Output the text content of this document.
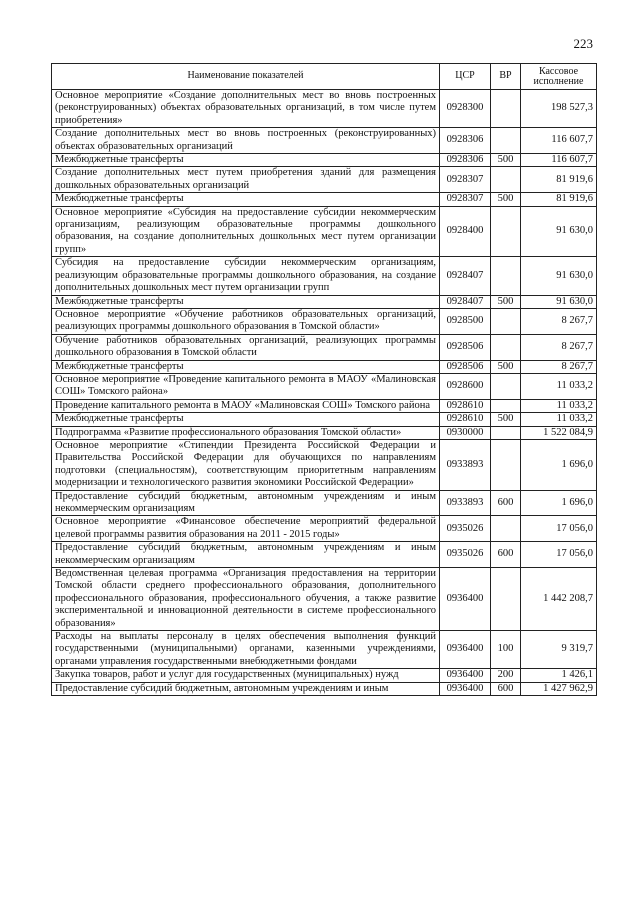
223
Наименование показателей	ЦСР	ВР	Кассовое исполнение
Основное мероприятие «Создание дополнительных мест во вновь построенных (реконструированных) объектах образовательных организаций, в том числе путем приобретения»	0928300		198 527,3
Создание дополнительных мест во вновь построенных (реконструированных) объектах образовательных организаций	0928306		116 607,7
Межбюджетные трансферты	0928306	500	116 607,7
Создание дополнительных мест путем приобретения зданий для размещения дошкольных образовательных организаций	0928307		81 919,6
Межбюджетные трансферты	0928307	500	81 919,6
Основное мероприятие «Субсидия на предоставление субсидии некоммерческим организациям, реализующим образовательные программы дошкольного образования, на создание дополнительных дошкольных мест путем организации групп»	0928400		91 630,0
Субсидия на предоставление субсидии некоммерческим организациям, реализующим образовательные программы дошкольного образования, на создание дополнительных дошкольных мест путем организации групп	0928407		91 630,0
Межбюджетные трансферты	0928407	500	91 630,0
Основное мероприятие «Обучение работников образовательных организаций, реализующих программы дошкольного образования в Томской области»	0928500		8 267,7
Обучение работников образовательных организаций, реализующих программы дошкольного образования в Томской области	0928506		8 267,7
Межбюджетные трансферты	0928506	500	8 267,7
Основное мероприятие «Проведение капитального ремонта в МАОУ «Малиновская СОШ» Томского района»	0928600		11 033,2
Проведение капитального ремонта в МАОУ «Малиновская СОШ» Томского района	0928610		11 033,2
Межбюджетные трансферты	0928610	500	11 033,2
Подпрограмма «Развитие профессионального образования Томской области»	0930000		1 522 084,9
Основное мероприятие «Стипендии Президента Российской Федерации и Правительства Российской Федерации для обучающихся по направлениям подготовки (специальностям), соответствующим приоритетным направлениям модернизации и технологического развития экономики Российской Федерации»	0933893		1 696,0
Предоставление субсидий бюджетным, автономным учреждениям и иным некоммерческим организациям	0933893	600	1 696,0
Основное мероприятие «Финансовое обеспечение мероприятий федеральной целевой программы развития образования на 2011 - 2015 годы»	0935026		17 056,0
Предоставление субсидий бюджетным, автономным учреждениям и иным некоммерческим организациям	0935026	600	17 056,0
Ведомственная целевая программа «Организация предоставления на территории Томской области среднего профессионального образования, дополнительного профессионального образования, профессионального обучения, а также развитие экспериментальной и инновационной деятельности в системе профессионального образования»	0936400		1 442 208,7
Расходы на выплаты персоналу в целях обеспечения выполнения функций государственными (муниципальными) органами, казенными учреждениями, органами управления государственными внебюджетными фондами	0936400	100	9 319,7
Закупка товаров, работ и услуг для государственных (муниципальных) нужд	0936400	200	1 426,1
Предоставление субсидий бюджетным, автономным учреждениям и иным	0936400	600	1 427 962,9
